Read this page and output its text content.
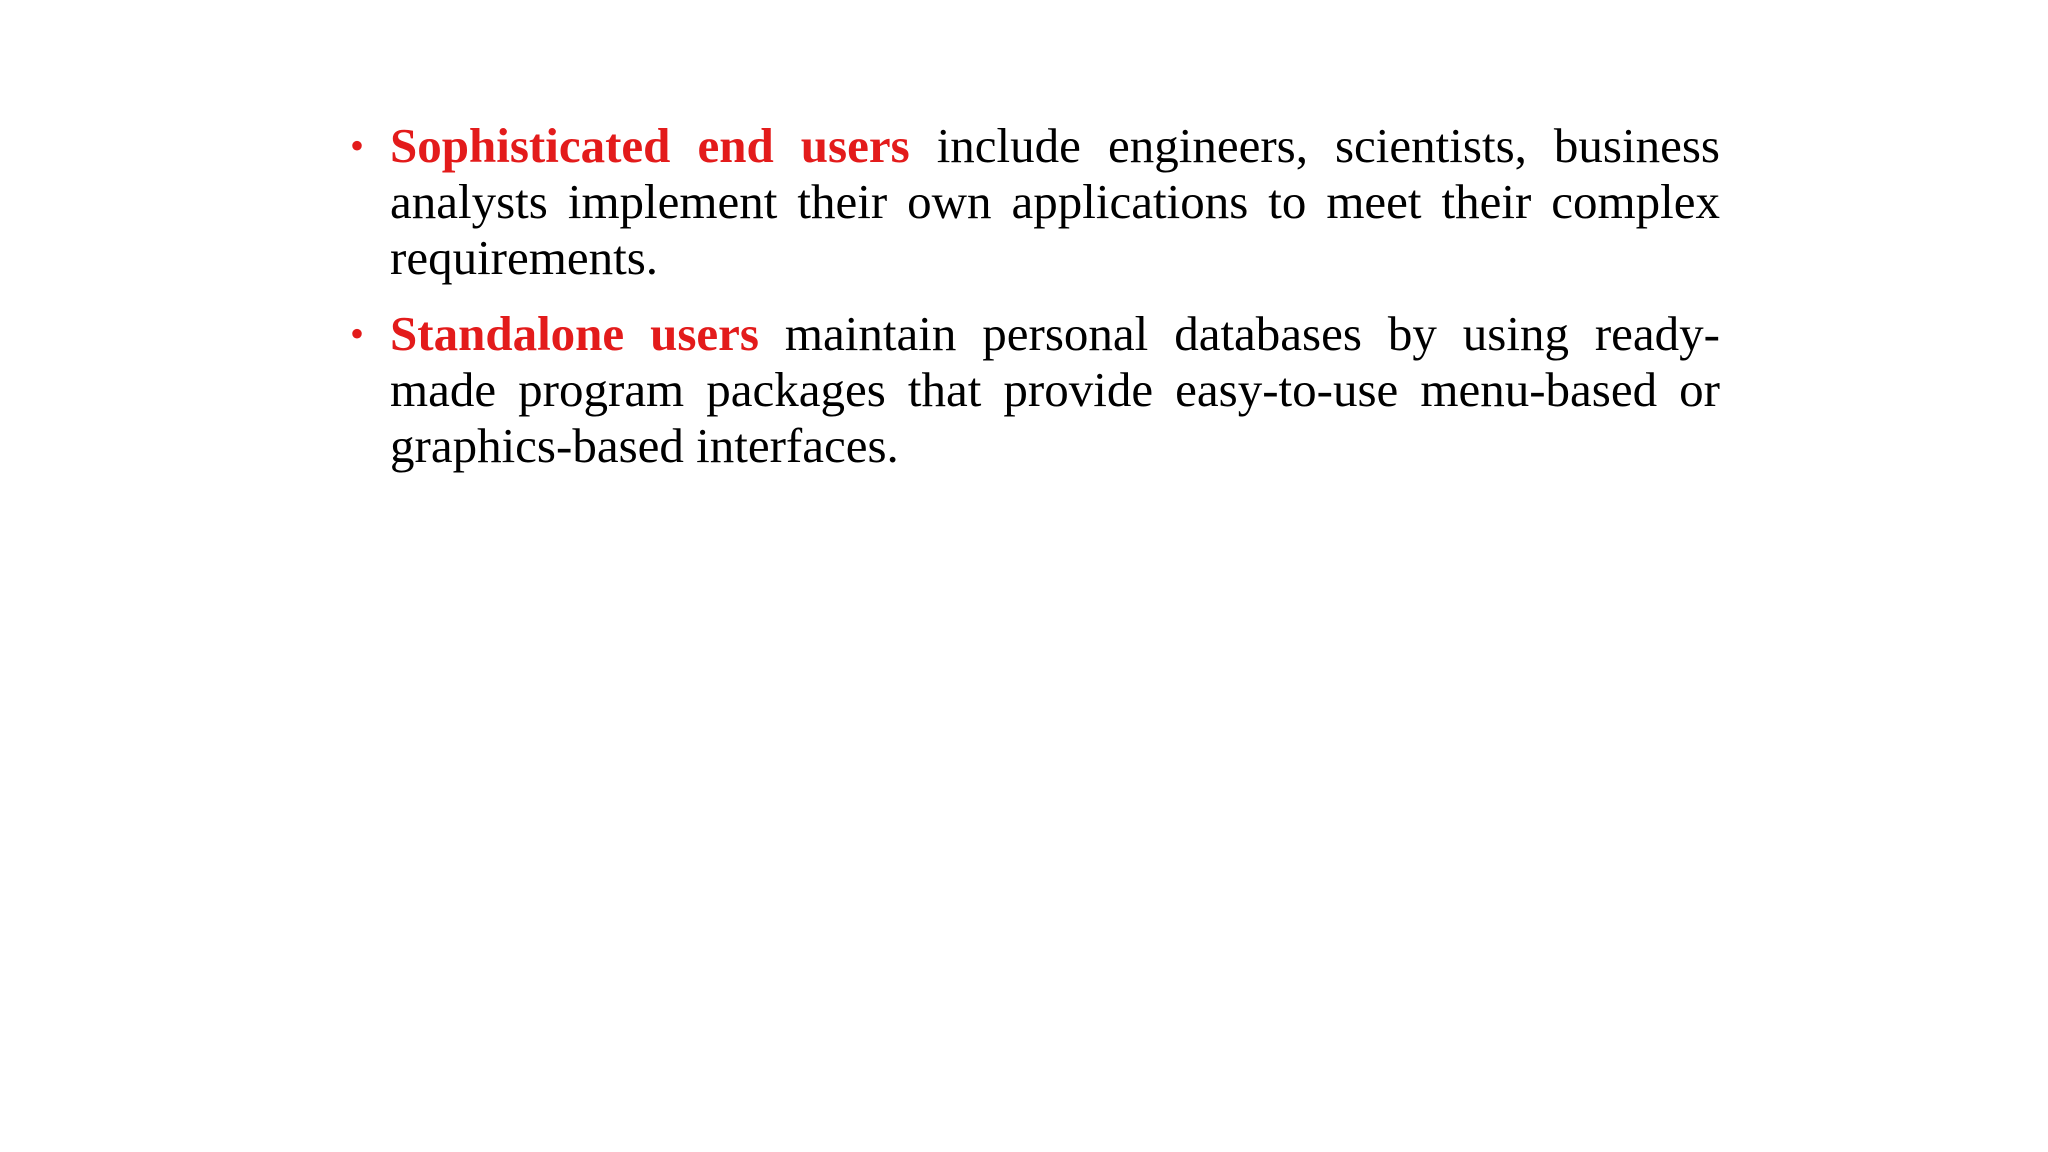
• Sophisticated end users include engineers, scientists, business analysts implement their own applications to meet their complex requirements.
• Standalone users maintain personal databases by using ready-made program packages that provide easy-to-use menu-based or graphics-based interfaces.
